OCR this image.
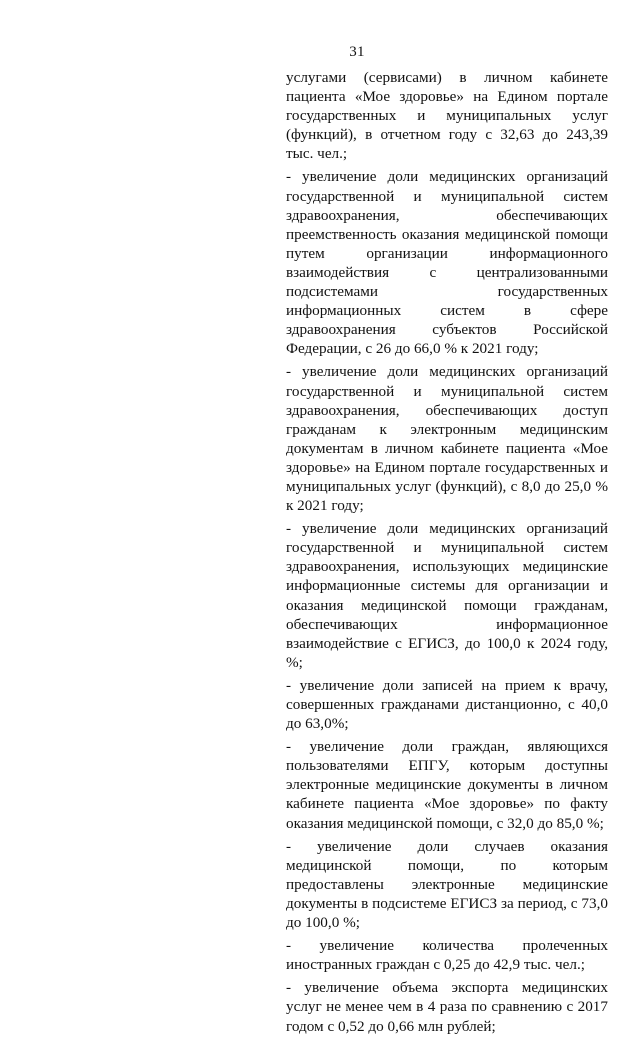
31

услугами (сервисами) в личном кабинете пациента «Мое здоровье» на Едином портале государственных и муниципальных услуг (функций), в отчетном году с 32,63 до 243,39 тыс. чел.;

- увеличение доли медицинских организаций государственной и муниципальной систем здравоохранения, обеспечивающих преемственность оказания медицинской помощи путем организации информационного взаимодействия с централизованными подсистемами государственных информационных систем в сфере здравоохранения субъектов Российской Федерации, с 26 до 66,0 % к 2021 году;

- увеличение доли медицинских организаций государственной и муниципальной систем здравоохранения, обеспечивающих доступ гражданам к электронным медицинским документам в личном кабинете пациента «Мое здоровье» на Едином портале государственных и муниципальных услуг (функций), с 8,0 до 25,0 % к 2021 году;

- увеличение доли медицинских организаций государственной и муниципальной систем здравоохранения, использующих медицинские информационные системы для организации и оказания медицинской помощи гражданам, обеспечивающих информационное взаимодействие с ЕГИСЗ, до 100,0 к 2024 году, %;

- увеличение доли записей на прием к врачу, совершенных гражданами дистанционно, с 40,0 до 63,0%;

- увеличение доли граждан, являющихся пользователями ЕПГУ, которым доступны электронные медицинские документы в личном кабинете пациента «Мое здоровье» по факту оказания медицинской помощи, с 32,0 до 85,0 %;

- увеличение доли случаев оказания медицинской помощи, по которым предоставлены электронные медицинские документы в подсистеме ЕГИСЗ за период, с 73,0 до 100,0 %;

- увеличение количества пролеченных иностранных граждан с 0,25 до 42,9 тыс. чел.;

- увеличение объема экспорта медицинских услуг не менее чем в 4 раза по сравнению с 2017 годом с 0,52 до 0,66 млн рублей;
